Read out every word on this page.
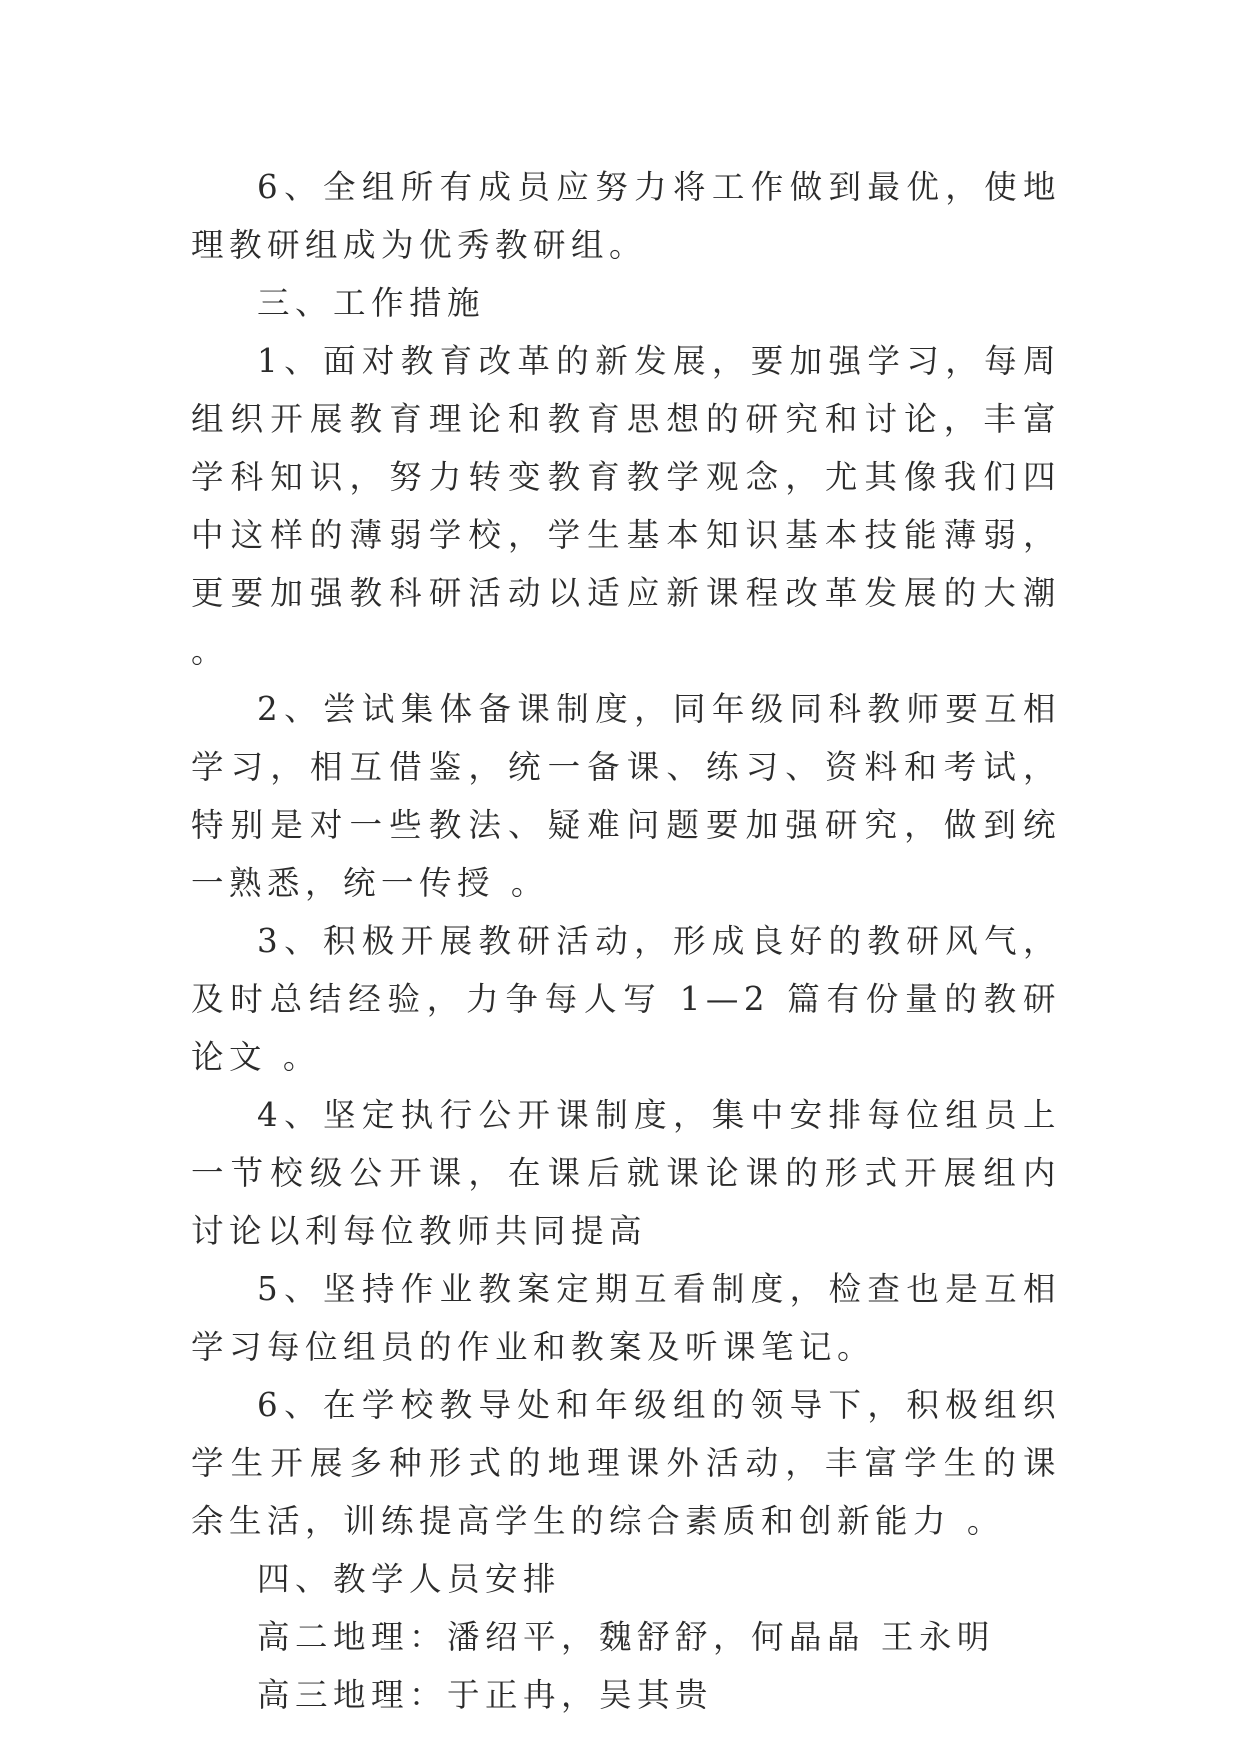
6、全组所有成员应努力将工作做到最优，使地理教研组成为优秀教研组。

三、工作措施

1、面对教育改革的新发展，要加强学习，每周组织开展教育理论和教育思想的研究和讨论，丰富学科知识，努力转变教育教学观念，尤其像我们四中这样的薄弱学校，学生基本知识基本技能薄弱，更要加强教科研活动以适应新课程改革发展的大潮 。

2、尝试集体备课制度，同年级同科教师要互相学习，相互借鉴，统一备课、练习、资料和考试，特别是对一些教法、疑难问题要加强研究，做到统一熟悉，统一传授 。

3、积极开展教研活动，形成良好的教研风气，及时总结经验，力争每人写 1—2 篇有份量的教研论文 。

4、坚定执行公开课制度，集中安排每位组员上一节校级公开课，在课后就课论课的形式开展组内讨论以利每位教师共同提高

5、坚持作业教案定期互看制度，检查也是互相学习每位组员的作业和教案及听课笔记。

6、在学校教导处和年级组的领导下，积极组织学生开展多种形式的地理课外活动，丰富学生的课余生活，训练提高学生的综合素质和创新能力 。

四、教学人员安排

高二地理：潘绍平，魏舒舒，何晶晶 王永明

高三地理：于正冉，吴其贵
